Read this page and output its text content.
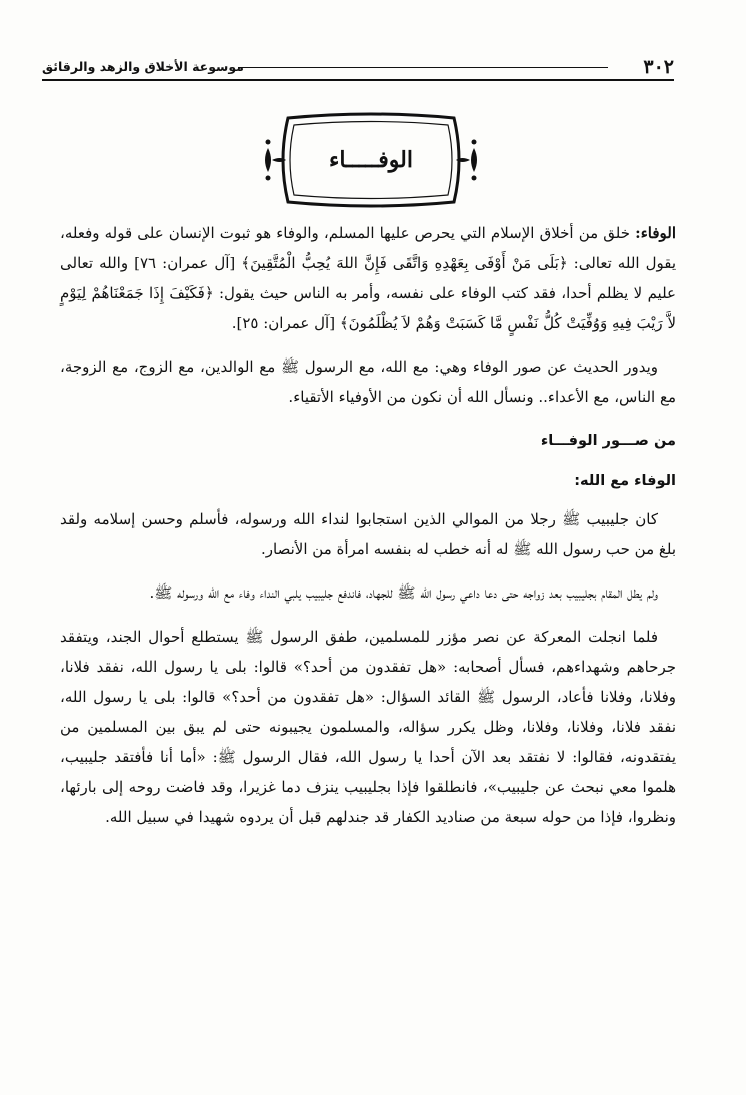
٣٠٢
موسوعة الأخلاق والزهد والرقائق
الوفـــــاء

الوفاء: خلق من أخلاق الإسلام التي يحرص عليها المسلم، والوفاء هو ثبوت الإنسان على قوله وفعله، يقول الله تعالى: ﴿بَلَى مَنْ أَوْفَى بِعَهْدِهِ وَاتَّقَى فَإِنَّ اللهَ يُحِبُّ الْمُتَّقِينَ﴾ [آل عمران: ٧٦] والله تعالى عليم لا يظلم أحدا، فقد كتب الوفاء على نفسه، وأمر به الناس حيث يقول: ﴿فَكَيْفَ إِذَا جَمَعْنَاهُمْ لِيَوْمٍ لاَّ رَيْبَ فِيهِ وَوُفِّيَتْ كُلُّ نَفْسٍ مَّا كَسَبَتْ وَهُمْ لاَ يُظْلَمُونَ﴾ [آل عمران: ٢٥].

ويدور الحديث عن صور الوفاء وهي: مع الله، مع الرسول ﷺ مع الوالدين، مع الزوج، مع الزوجة، مع الناس، مع الأعداء.. ونسأل الله أن نكون من الأوفياء الأتقياء.

من صـــور الوفـــاء

الوفاء مع الله:

كان جليبيب ﷺ رجلا من الموالي الذين استجابوا لنداء الله ورسوله، فأسلم وحسن إسلامه ولقد بلغ من حب رسول الله ﷺ له أنه خطب له بنفسه امرأة من الأنصار.

ولم يطل المقام بجليبيب بعد زواجه حتى دعا داعي رسول الله ﷺ للجهاد، فاندفع جليبيب يلبي النداء وفاء مع الله ورسوله ﷺ.

فلما انجلت المعركة عن نصر مؤزر للمسلمين، طفق الرسول ﷺ يستطلع أحوال الجند، ويتفقد جرحاهم وشهداءهم، فسأل أصحابه: «هل تفقدون من أحد؟» قالوا: بلى يا رسول الله، نفقد فلانا، وفلانا، وفلانا فأعاد، الرسول ﷺ القائد السؤال: «هل تفقدون من أحد؟» قالوا: بلى يا رسول الله، نفقد فلانا، وفلانا، وفلانا، وظل يكرر سؤاله، والمسلمون يجيبونه حتى لم يبق بين المسلمين من يفتقدونه، فقالوا: لا نفتقد بعد الآن أحدا يا رسول الله، فقال الرسول ﷺ: «أما أنا فأفتقد جليبيب، هلموا معي نبحث عن جليبيب»، فانطلقوا فإذا بجليبيب ينزف دما غزيرا، وقد فاضت روحه إلى بارئها، ونظروا، فإذا من حوله سبعة من صناديد الكفار قد جندلهم قبل أن يردوه شهيدا في سبيل الله.
